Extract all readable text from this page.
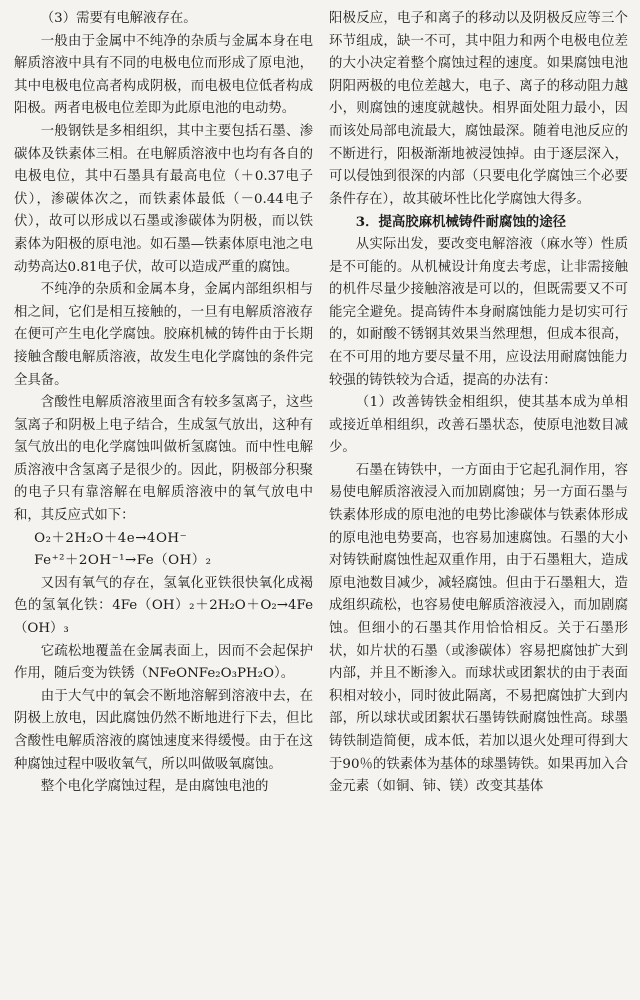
（3）需要有电解液存在。

一般由于金属中不纯净的杂质与金属本身在电解质溶液中具有不同的电极电位而形成了原电池，其中电极电位高者构成阴极，而电极电位低者构成阳极。两者电极电位差即为此原电池的电动势。

一般钢铁是多相组织，其中主要包括石墨、渗碳体及铁素体三相。在电解质溶液中也均有各自的电极电位，其中石墨具有最高电位（＋0.37电子伏），渗碳体次之，而铁素体最低（－0.44电子伏），故可以形成以石墨或渗碳体为阴极，而以铁素体为阳极的原电池。如石墨—铁素体原电池之电动势高达0.81电子伏，故可以造成严重的腐蚀。

不纯净的杂质和金属本身，金属内部组织相与相之间，它们是相互接触的，一旦有电解质溶液存在便可产生电化学腐蚀。胶麻机械的铸件由于长期接触含酸电解质溶液，故发生电化学腐蚀的条件完全具备。

含酸性电解质溶液里面含有较多氢离子，这些氢离子和阴极上电子结合，生成氢气放出，这种有氢气放出的电化学腐蚀叫做析氢腐蚀。而中性电解质溶液中含氢离子是很少的。因此，阴极部分积聚的电子只有靠溶解在电解质溶液中的氧气放电中和，其反应式如下：

O₂＋2H₂O＋4e→4OH⁻

Fe⁺²＋2OH⁻¹→Fe（OH）₂

又因有氧气的存在，氢氧化亚铁很快氧化成褐色的氢氧化铁：4Fe（OH）₂＋2H₂O＋O₂→4Fe（OH）₃

它疏松地覆盖在金属表面上，因而不会起保护作用，随后变为铁锈（NFeONFe₂O₃PH₂O）。

由于大气中的氧会不断地溶解到溶液中去，在阴极上放电，因此腐蚀仍然不断地进行下去，但比含酸性电解质溶液的腐蚀速度来得缓慢。由于在这种腐蚀过程中吸收氧气，所以叫做吸氧腐蚀。

整个电化学腐蚀过程，是由腐蚀电池的

阳极反应，电子和离子的移动以及阴极反应等三个环节组成，缺一不可，其中阻力和两个电极电位差的大小决定着整个腐蚀过程的速度。如果腐蚀电池阴阳两极的电位差越大，电子、离子的移动阻力越小，则腐蚀的速度就越快。相界面处阻力最小，因而该处局部电流最大，腐蚀最深。随着电池反应的不断进行，阳极渐渐地被浸蚀掉。由于逐层深入，可以侵蚀到很深的内部（只要电化学腐蚀三个必要条件存在），故其破坏性比化学腐蚀大得多。

3．提高胶麻机械铸件耐腐蚀的途径

从实际出发，要改变电解溶液（麻水等）性质是不可能的。从机械设计角度去考虑，让非需接触的机件尽量少接触溶液是可以的，但既需要又不可能完全避免。提高铸件本身耐腐蚀能力是切实可行的，如耐酸不锈钢其效果当然理想，但成本很高，在不可用的地方要尽量不用，应设法用耐腐蚀能力较强的铸铁较为合适，提高的办法有：

（1）改善铸铁金相组织，使其基本成为单相或接近单相组织，改善石墨状态，使原电池数目减少。

石墨在铸铁中，一方面由于它起孔洞作用，容易使电解质溶液浸入而加剧腐蚀；另一方面石墨与铁素体形成的原电池的电势比渗碳体与铁素体形成的原电池电势要高，也容易加速腐蚀。石墨的大小对铸铁耐腐蚀性起双重作用，由于石墨粗大，造成原电池数目减少，减轻腐蚀。但由于石墨粗大，造成组织疏松，也容易使电解质溶液浸入，而加剧腐蚀。但细小的石墨其作用恰恰相反。关于石墨形状，如片状的石墨（或渗碳体）容易把腐蚀扩大到内部，并且不断渗入。而球状或团絮状的由于表面积相对较小，同时彼此隔离，不易把腐蚀扩大到内部，所以球状或团絮状石墨铸铁耐腐蚀性高。球墨铸铁制造简便，成本低，若加以退火处理可得到大于90％的铁素体为基体的球墨铸铁。如果再加入合金元素（如铜、铈、镁）改变其基体
